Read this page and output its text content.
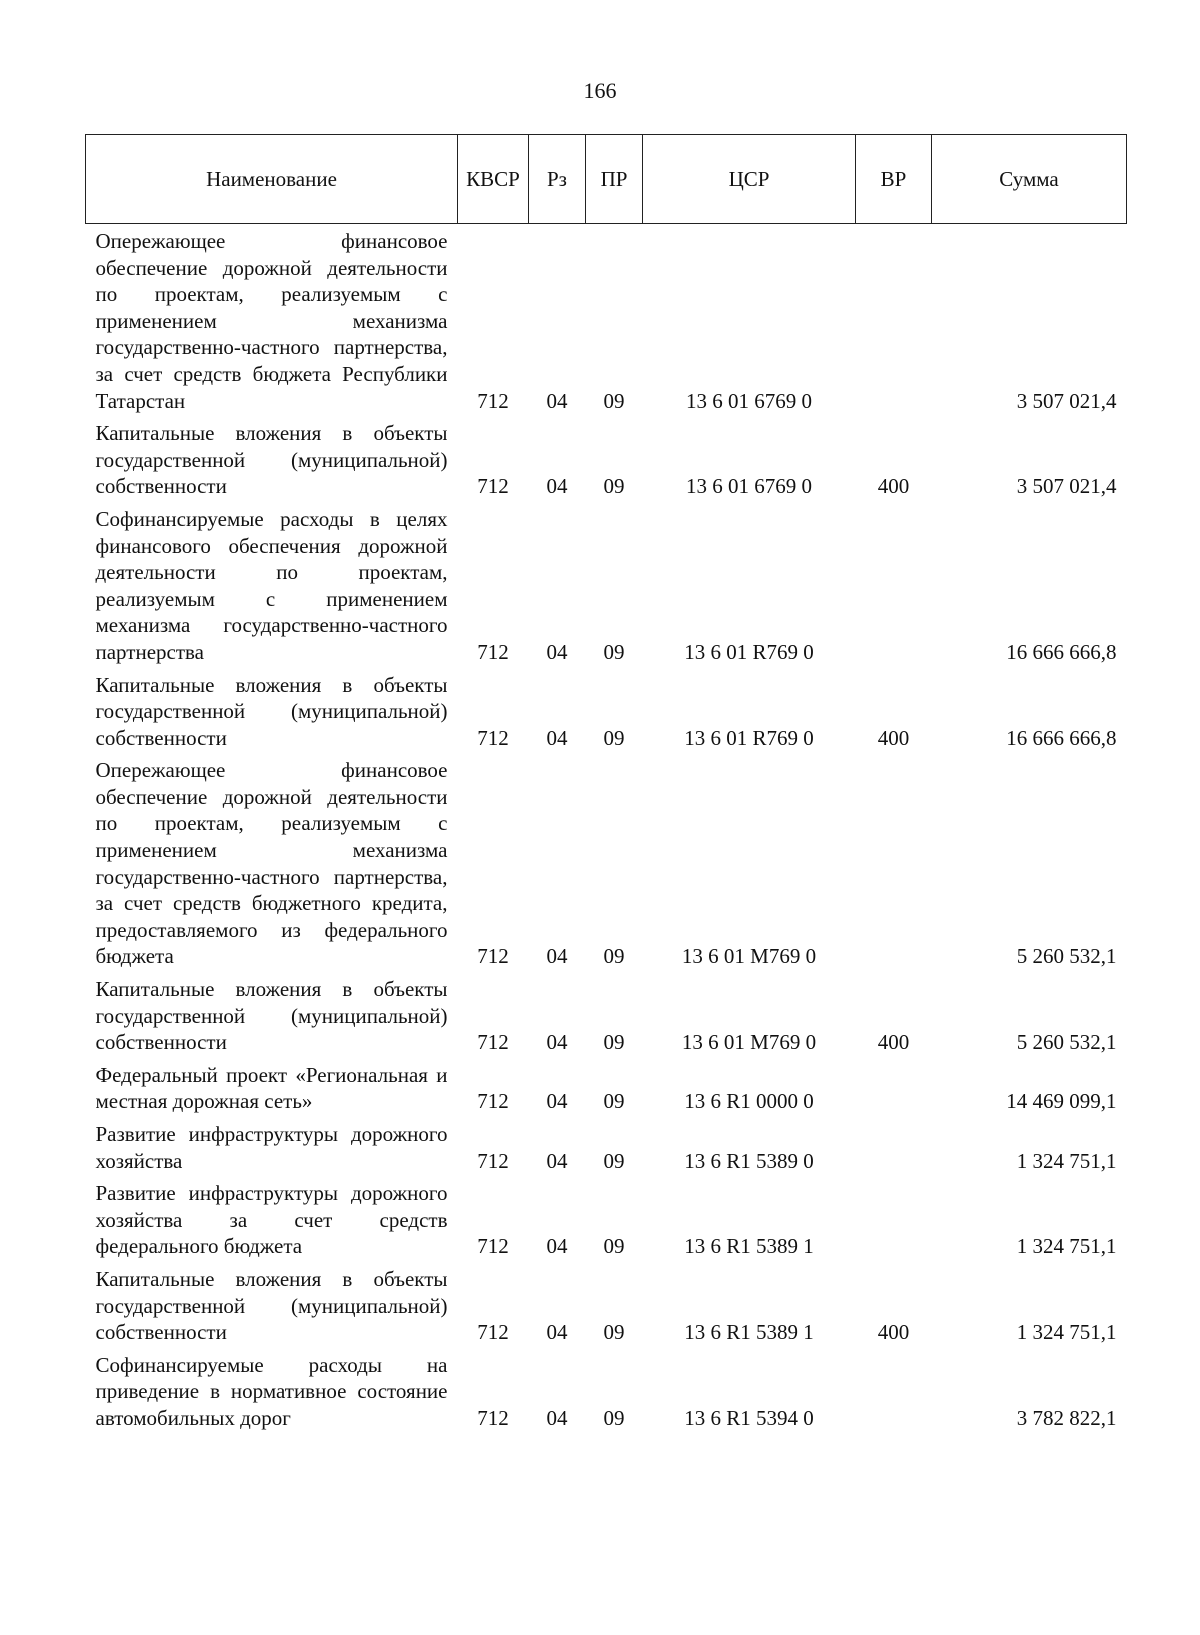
166
Наименование	КВСР	Рз	ПР	ЦСР	ВР	Сумма
Опережающее финансовое обеспечение дорожной деятельности по проектам, реализуемым с применением механизма государственно-частного партнерства, за счет средств бюджета Республики Татарстан	712	04	09	13 6 01 6769 0		3 507 021,4
Капитальные вложения в объекты государственной (муниципальной) собственности	712	04	09	13 6 01 6769 0	400	3 507 021,4
Софинансируемые расходы в целях финансового обеспечения дорожной деятельности по проектам, реализуемым с применением механизма государственно-частного партнерства	712	04	09	13 6 01 R769 0		16 666 666,8
Капитальные вложения в объекты государственной (муниципальной) собственности	712	04	09	13 6 01 R769 0	400	16 666 666,8
Опережающее финансовое обеспечение дорожной деятельности по проектам, реализуемым с применением механизма государственно-частного партнерства, за счет средств бюджетного кредита, предоставляемого из федерального бюджета	712	04	09	13 6 01 M769 0		5 260 532,1
Капитальные вложения в объекты государственной (муниципальной) собственности	712	04	09	13 6 01 M769 0	400	5 260 532,1
Федеральный проект «Региональная и местная дорожная сеть»	712	04	09	13 6 R1 0000 0		14 469 099,1
Развитие инфраструктуры дорожного хозяйства	712	04	09	13 6 R1 5389 0		1 324 751,1
Развитие инфраструктуры дорожного хозяйства за счет средств федерального бюджета	712	04	09	13 6 R1 5389 1		1 324 751,1
Капитальные вложения в объекты государственной (муниципальной) собственности	712	04	09	13 6 R1 5389 1	400	1 324 751,1
Софинансируемые расходы на приведение в нормативное состояние автомобильных дорог	712	04	09	13 6 R1 5394 0		3 782 822,1
